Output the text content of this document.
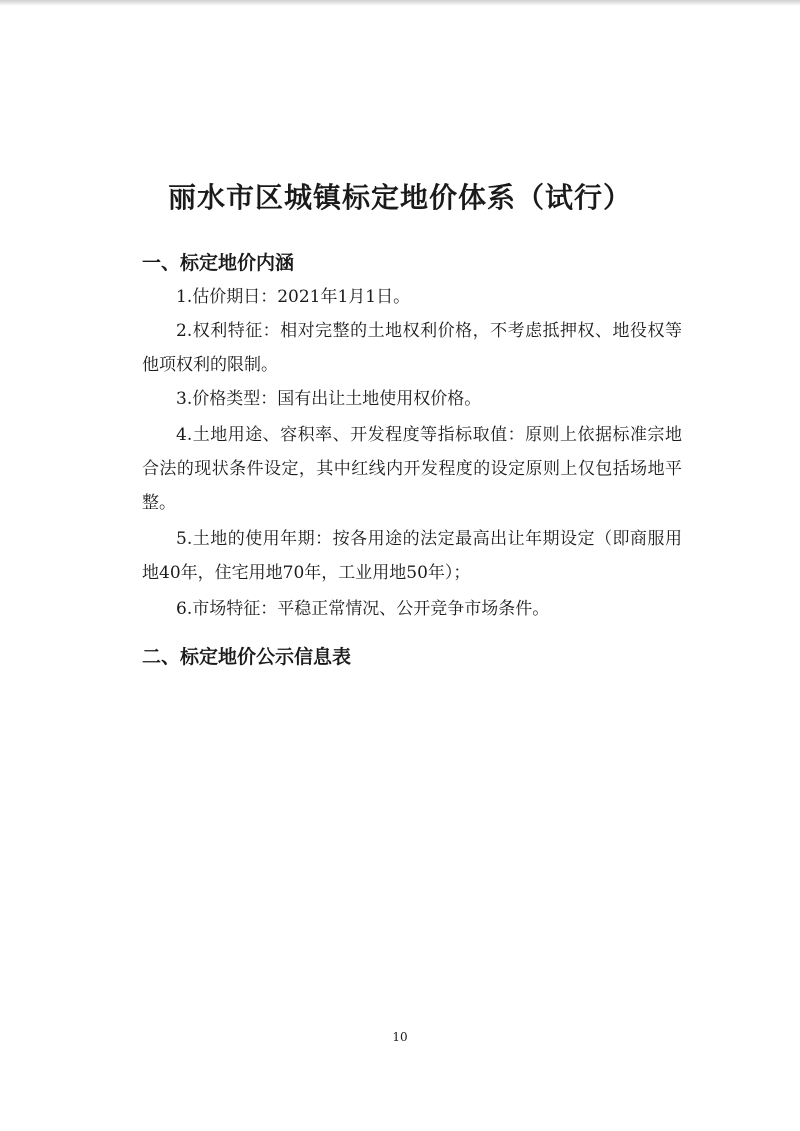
丽水市区城镇标定地价体系（试行）
一、标定地价内涵

1.估价期日：2021年1月1日。

2.权利特征：相对完整的土地权利价格，不考虑抵押权、地役权等他项权利的限制。

3.价格类型：国有出让土地使用权价格。

4.土地用途、容积率、开发程度等指标取值：原则上依据标准宗地合法的现状条件设定，其中红线内开发程度的设定原则上仅包括场地平整。

5.土地的使用年期：按各用途的法定最高出让年期设定（即商服用地40年，住宅用地70年，工业用地50年）；

6.市场特征：平稳正常情况、公开竞争市场条件。

二、标定地价公示信息表
10
